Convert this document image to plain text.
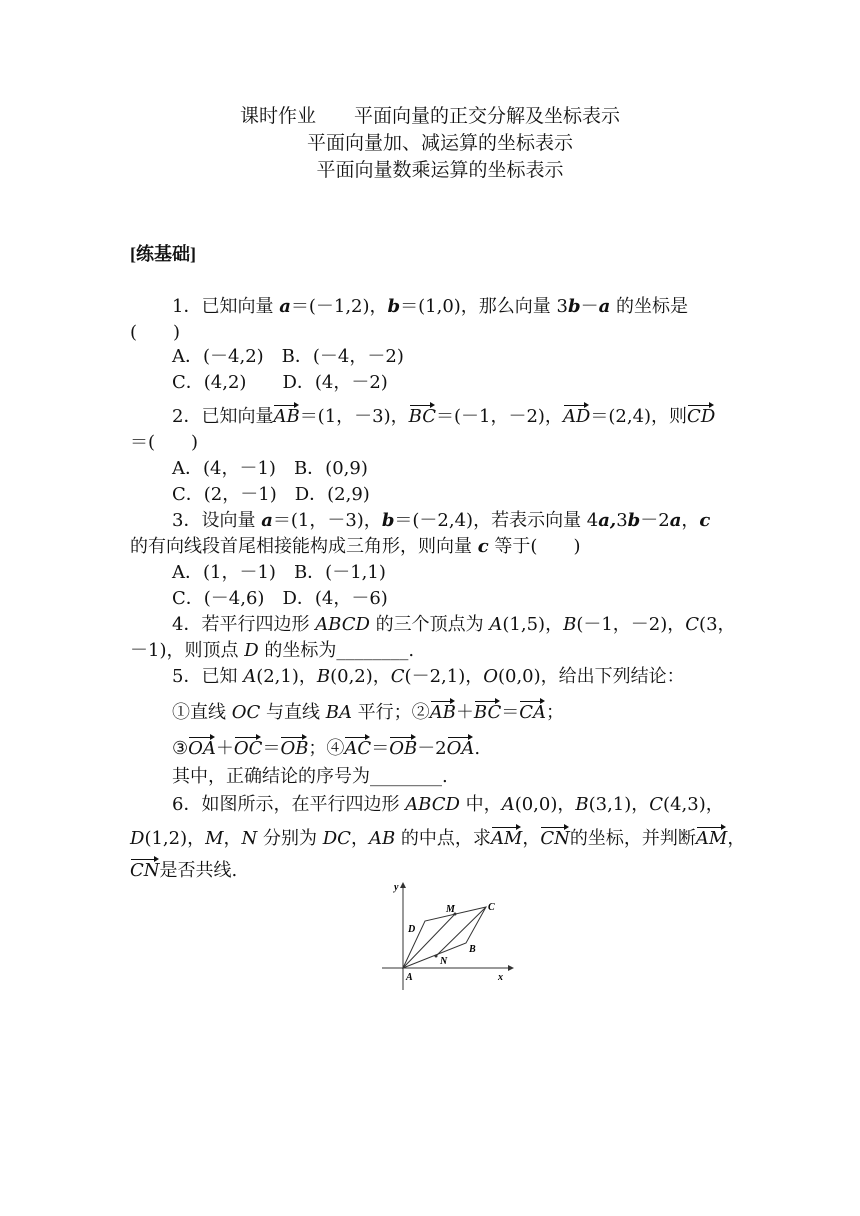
课时作业　　平面向量的正交分解及坐标表示
平面向量加、减运算的坐标表示
平面向量数乘运算的坐标表示
[练基础]
1．已知向量 a＝(－1,2)，b＝(1,0)，那么向量 3b－a 的坐标是
(　　)
A．(－4,2)　B．(－4，－2)
C．(4,2)　　D．(4，－2)
2．已知向量AB＝(1，－3)，BC＝(－1，－2)，AD＝(2,4)，则CD
＝(　　)
A．(4，－1)　B．(0,9)
C．(2，－1)　D．(2,9)
3．设向量 a＝(1，－3)，b＝(－2,4)，若表示向量 4a,3b－2a，c
的有向线段首尾相接能构成三角形，则向量 c 等于(　　)
A．(1，－1)　B．(－1,1)
C．(－4,6)　D．(4，－6)
4．若平行四边形 ABCD 的三个顶点为 A(1,5)，B(－1，－2)，C(3，
－1)，则顶点 D 的坐标为________.
5．已知 A(2,1)，B(0,2)，C(－2,1)，O(0,0)，给出下列结论：
①直线 OC 与直线 BA 平行；②AB＋BC＝CA；
③OA＋OC＝OB；④AC＝OB－2OA.
其中，正确结论的序号为________.
6．如图所示，在平行四边形 ABCD 中，A(0,0)，B(3,1)，C(4,3)，
D(1,2)，M，N 分别为 DC，AB 的中点，求AM，CN的坐标，并判断AM，
CN是否共线.
y
x
A
B
C
D
M
N
